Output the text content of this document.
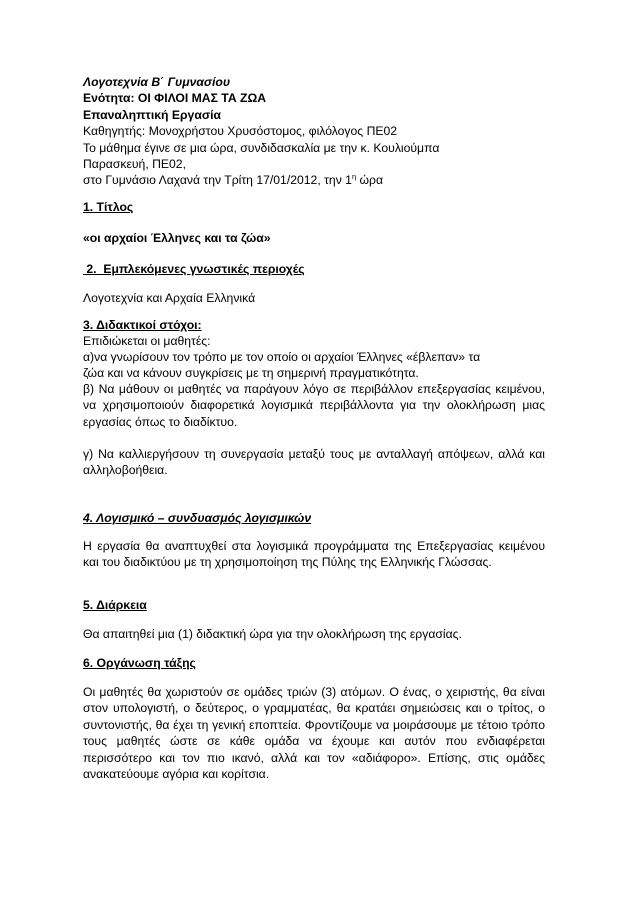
Λογοτεχνία Β΄ Γυμνασίου
Ενότητα: ΟΙ ΦΙΛΟΙ ΜΑΣ ΤΑ ΖΩΑ
Επαναληπτική Εργασία
Καθηγητής: Μονοχρήστου Χρυσόστομος, φιλόλογος ΠΕ02
Το μάθημα έγινε σε μια ώρα, συνδιδασκαλία με την κ. Κουλιούμπα
Παρασκευή, ΠΕ02,
στο Γυμνάσιο Λαχανά την Τρίτη 17/01/2012, την $1^\eta$ ώρα
1. Τίτλος
«οι αρχαίοι Έλληνες και τα ζώα»
2.  Εμπλεκόμενες γνωστικές περιοχές
Λογοτεχνία και Αρχαία Ελληνικά
3. Διδακτικοί στόχοι:
Επιδιώκεται οι μαθητές:
α)να γνωρίσουν τον τρόπο με τον οποίο οι αρχαίοι Έλληνες «έβλεπαν» τα
ζώα και να κάνουν συγκρίσεις με τη σημερινή πραγματικότητα.
β) Να μάθουν οι μαθητές να παράγουν λόγο σε περιβάλλον επεξεργασίας κειμένου, να χρησιμοποιούν διαφορετικά λογισμικά περιβάλλοντα για την ολοκλήρωση μιας εργασίας όπως το διαδίκτυο.
γ) Να καλλιεργήσουν τη συνεργασία μεταξύ τους με ανταλλαγή απόψεων, αλλά και αλληλοβοήθεια.
4. Λογισμικό – συνδυασμός λογισμικών
Η εργασία θα αναπτυχθεί στα λογισμικά προγράμματα της Επεξεργασίας κειμένου και του διαδικτύου με τη χρησιμοποίηση της Πύλης της Ελληνικής Γλώσσας.
5. Διάρκεια
Θα απαιτηθεί μια (1) διδακτική ώρα για την ολοκλήρωση της εργασίας.
6. Οργάνωση τάξης
Οι μαθητές θα χωριστούν σε ομάδες τριών (3) ατόμων. Ο ένας, ο χειριστής, θα είναι στον υπολογιστή, ο δεύτερος, ο γραμματέας, θα κρατάει σημειώσεις και ο τρίτος, ο συντονιστής, θα έχει τη γενική εποπτεία. Φροντίζουμε να μοιράσουμε με τέτοιο τρόπο τους μαθητές ώστε σε κάθε ομάδα να έχουμε και αυτόν που ενδιαφέρεται περισσότερο και τον πιο ικανό, αλλά και τον «αδιάφορο». Επίσης, στις ομάδες ανακατεύουμε αγόρια και κορίτσια.
